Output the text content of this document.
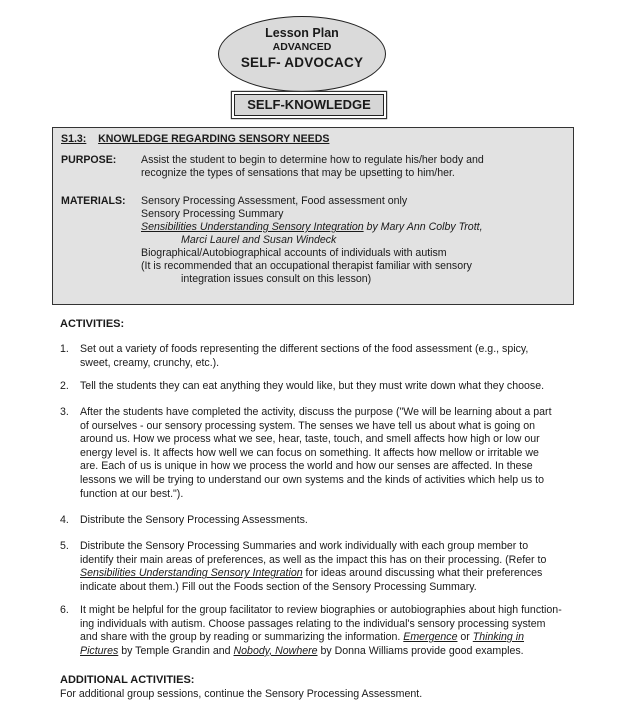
Lesson Plan
ADVANCED
SELF- ADVOCACY
SELF-KNOWLEDGE
S1.3: KNOWLEDGE REGARDING SENSORY NEEDS
PURPOSE: Assist the student to begin to determine how to regulate his/her body and
recognize the types of sensations that may be upsetting to him/her.
MATERIALS: Sensory Processing Assessment, Food assessment only
Sensory Processing Summary
Sensibilities Understanding Sensory Integration by Mary Ann Colby Trott,
Marci Laurel and Susan Windeck
Biographical/Autobiographical accounts of individuals with autism
(It is recommended that an occupational therapist familiar with sensory
integration issues consult on this lesson)
ACTIVITIES:
1. Set out a variety of foods representing the different sections of the food assessment (e.g., spicy,
sweet, creamy, crunchy, etc.).
2. Tell the students they can eat anything they would like, but they must write down what they choose.
3. After the students have completed the activity, discuss the purpose ("We will be learning about a part
of ourselves - our sensory processing system. The senses we have tell us about what is going on
around us. How we process what we see, hear, taste, touch, and smell affects how high or low our
energy level is. It affects how well we can focus on something. It affects how mellow or irritable we
are. Each of us is unique in how we process the world and how our senses are affected. In these
lessons we will be trying to understand our own systems and the kinds of activities which help us to
function at our best.").
4. Distribute the Sensory Processing Assessments.
5. Distribute the Sensory Processing Summaries and work individually with each group member to
identify their main areas of preferences, as well as the impact this has on their processing. (Refer to
Sensibilities Understanding Sensory Integration for ideas around discussing what their preferences
indicate about them.) Fill out the Foods section of the Sensory Processing Summary.
6. It might be helpful for the group facilitator to review biographies or autobiographies about high function-
ing individuals with autism. Choose passages relating to the individual's sensory processing system
and share with the group by reading or summarizing the information. Emergence or Thinking in
Pictures by Temple Grandin and Nobody, Nowhere by Donna Williams provide good examples.
ADDITIONAL ACTIVITIES:
For additional group sessions, continue the Sensory Processing Assessment.
